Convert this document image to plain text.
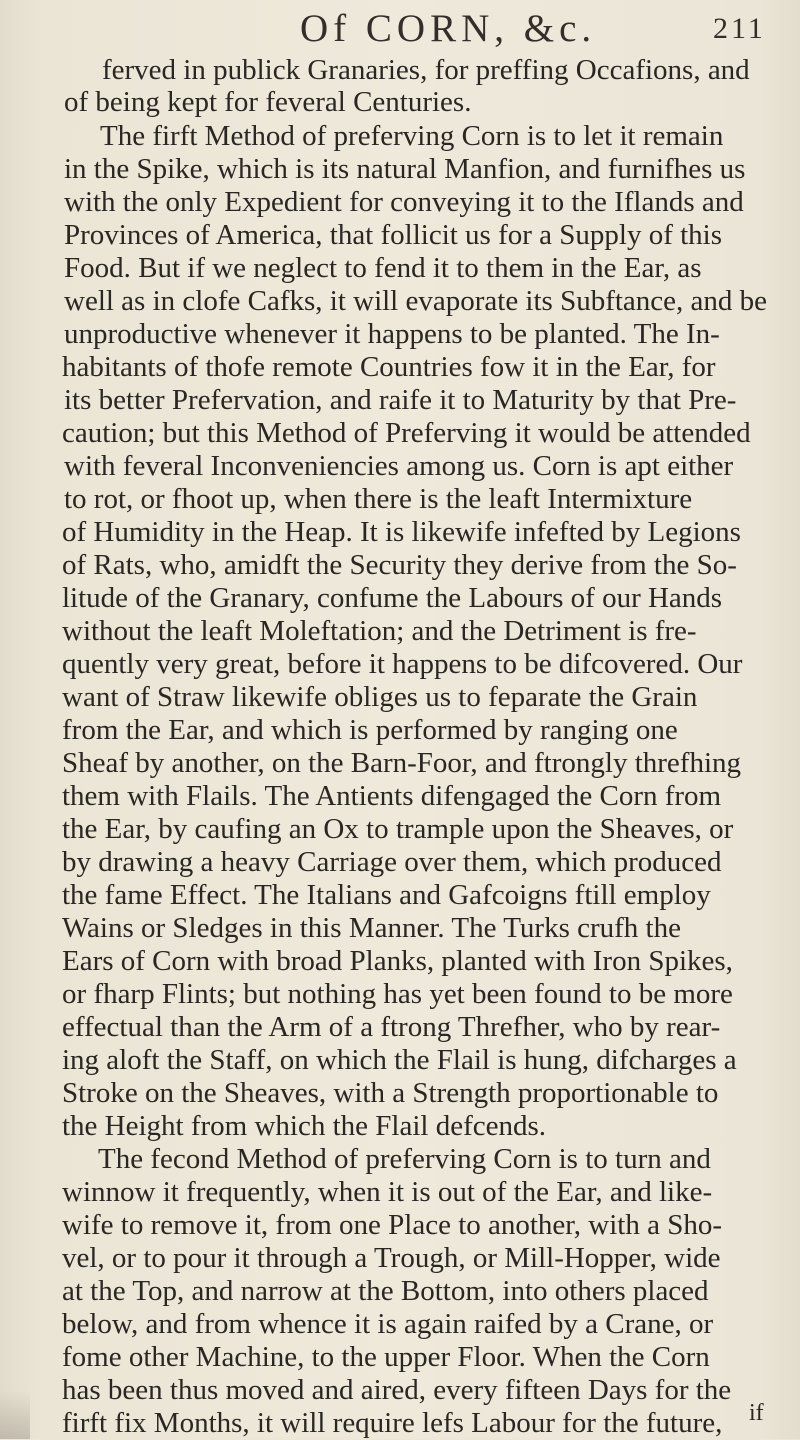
Of CORN, &c.	211
ferved in publick Granaries, for preffing Occafions, and
of being kept for feveral Centuries.
The firft Method of preferving Corn is to let it remain
in the Spike, which is its natural Manfion, and furnifhes us
with the only Expedient for conveying it to the Iflands and
Provinces of America, that follicit us for a Supply of this
Food. But if we neglect to fend it to them in the Ear, as
well as in clofe Cafks, it will evaporate its Subftance, and be
unproductive whenever it happens to be planted. The In-
habitants of thofe remote Countries fow it in the Ear, for
its better Prefervation, and raife it to Maturity by that Pre-
caution; but this Method of Preferving it would be attended
with feveral Inconveniencies among us. Corn is apt either
to rot, or fhoot up, when there is the leaft Intermixture
of Humidity in the Heap. It is likewife infefted by Legions
of Rats, who, amidft the Security they derive from the So-
litude of the Granary, confume the Labours of our Hands
without the leaft Moleftation; and the Detriment is fre-
quently very great, before it happens to be difcovered. Our
want of Straw likewife obliges us to feparate the Grain
from the Ear, and which is performed by ranging one
Sheaf by another, on the Barn-Foor, and ftrongly threfhing
them with Flails. The Antients difengaged the Corn from
the Ear, by caufing an Ox to trample upon the Sheaves, or
by drawing a heavy Carriage over them, which produced
the fame Effect. The Italians and Gafcoigns ftill employ
Wains or Sledges in this Manner. The Turks crufh the
Ears of Corn with broad Planks, planted with Iron Spikes,
or fharp Flints; but nothing has yet been found to be more
effectual than the Arm of a ftrong Threfher, who by rear-
ing aloft the Staff, on which the Flail is hung, difcharges a
Stroke on the Sheaves, with a Strength proportionable to
the Height from which the Flail defcends.
The fecond Method of preferving Corn is to turn and
winnow it frequently, when it is out of the Ear, and like-
wife to remove it, from one Place to another, with a Sho-
vel, or to pour it through a Trough, or Mill-Hopper, wide
at the Top, and narrow at the Bottom, into others placed
below, and from whence it is again raifed by a Crane, or
fome other Machine, to the upper Floor. When the Corn
has been thus moved and aired, every fifteen Days for the
firft fix Months, it will require lefs Labour for the future, if
